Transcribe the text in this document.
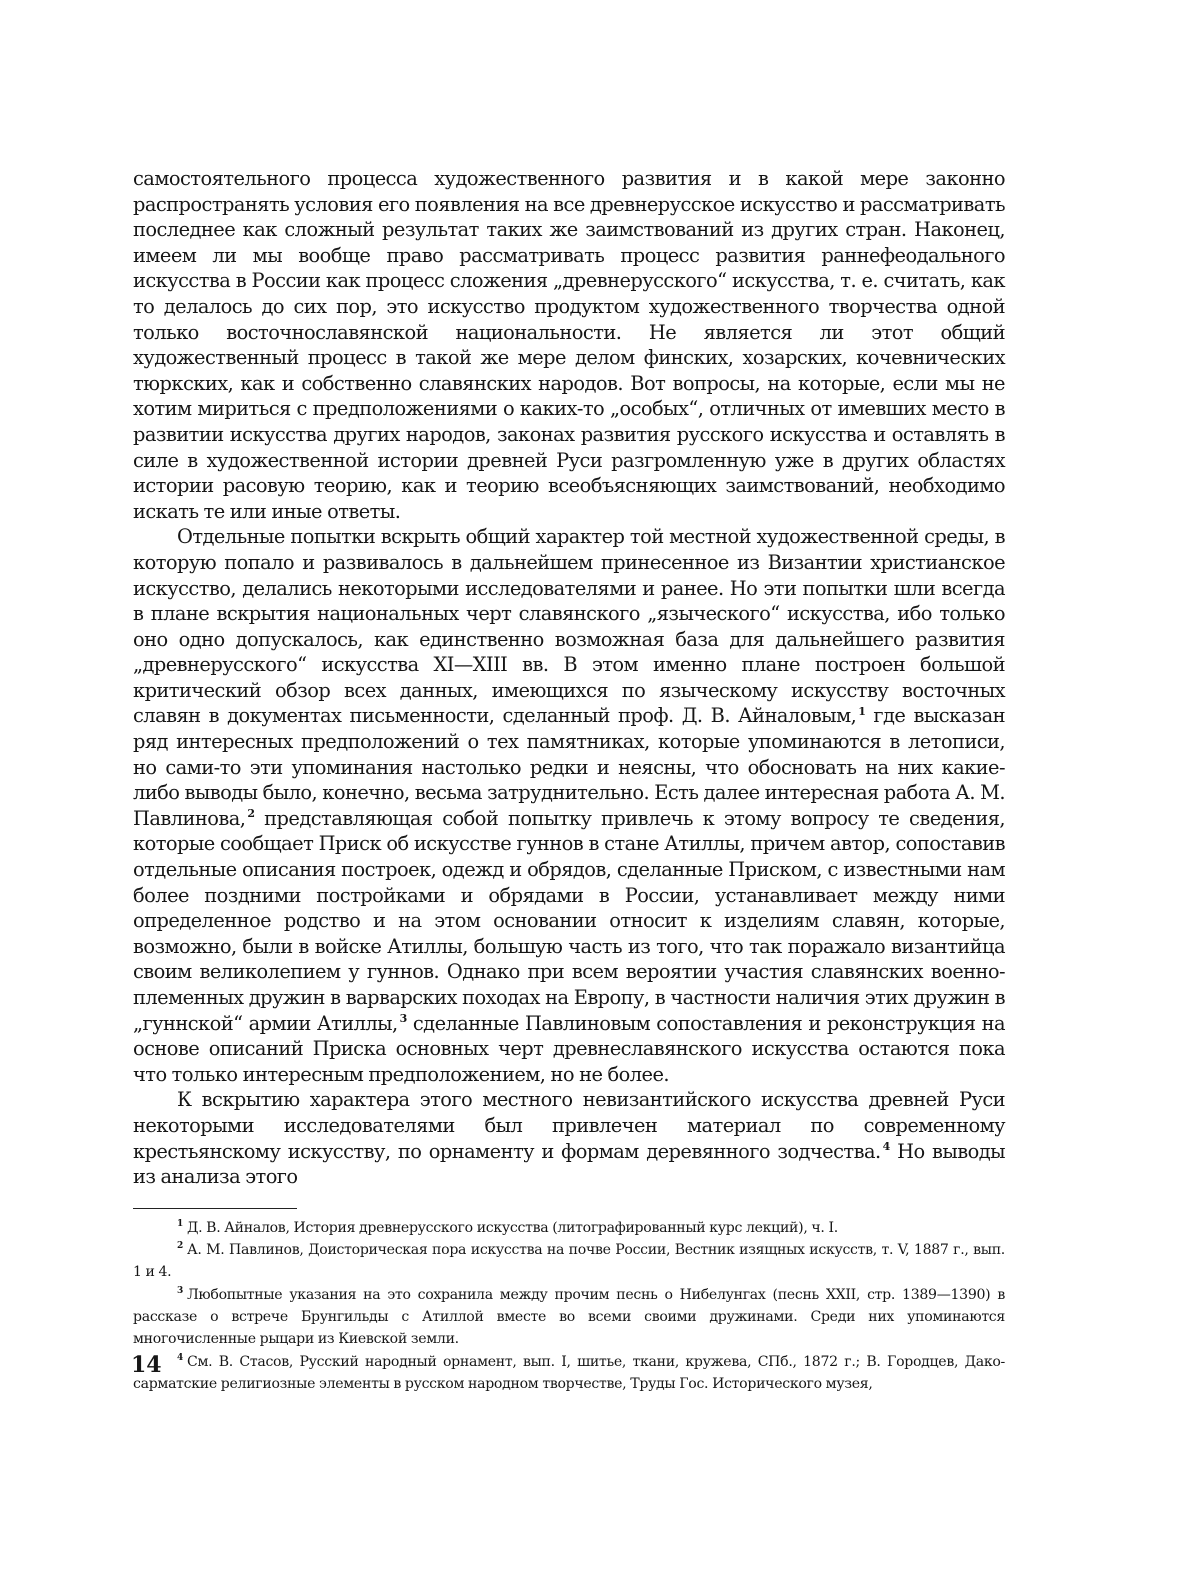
самостоятельного процесса художественного развития и в какой мере законно распространять условия его появления на все древнерусское искусство и рассматривать последнее как сложный результат таких же заимствований из других стран. Наконец, имеем ли мы вообще право рассматривать процесс развития раннефеодального искусства в России как процесс сложения „древнерусского“ искусства, т. е. считать, как то делалось до сих пор, это искусство продуктом художественного творчества одной только восточнославянской национальности. Не является ли этот общий художественный процесс в такой же мере делом финских, хозарских, кочевнических тюркских, как и собственно славянских народов. Вот вопросы, на которые, если мы не хотим мириться с предположениями о каких-то „особых“, отличных от имевших место в развитии искусства других народов, законах развития русского искусства и оставлять в силе в художественной истории древней Руси разгромленную уже в других областях истории расовую теорию, как и теорию всеобъясняющих заимствований, необходимо искать те или иные ответы.

Отдельные попытки вскрыть общий характер той местной художественной среды, в которую попало и развивалось в дальнейшем принесенное из Византии христианское искусство, делались некоторыми исследователями и ранее. Но эти попытки шли всегда в плане вскрытия национальных черт славянского „языческого“ искусства, ибо только оно одно допускалось, как единственно возможная база для дальнейшего развития „древнерусского“ искусства XI—XIII вв. В этом именно плане построен большой критический обзор всех данных, имеющихся по языческому искусству восточных славян в документах письменности, сделанный проф. Д. В. Айналовым, $^1$ где высказан ряд интересных предположений о тех памятниках, которые упоминаются в летописи, но сами-то эти упоминания настолько редки и неясны, что обосновать на них какие-либо выводы было, конечно, весьма затруднительно. Есть далее интересная работа А. М. Павлинова, $^2$ представляющая собой попытку привлечь к этому вопросу те сведения, которые сообщает Приск об искусстве гуннов в стане Атиллы, причем автор, сопоставив отдельные описания построек, одежд и обрядов, сделанные Приском, с известными нам более поздними постройками и обрядами в России, устанавливает между ними определенное родство и на этом основании относит к изделиям славян, которые, возможно, были в войске Атиллы, большую часть из того, что так поражало византийца своим великолепием у гуннов. Однако при всем вероятии участия славянских военно-племенных дружин в варварских походах на Европу, в частности наличия этих дружин в „гуннской“ армии Атиллы, $^3$ сделанные Павлиновым сопоставления и реконструкция на основе описаний Приска основных черт древнеславянского искусства остаются пока что только интересным предположением, но не более.

К вскрытию характера этого местного невизантийского искусства древней Руси некоторыми исследователями был привлечен материал по современному крестьянскому искусству, по орнаменту и формам деревянного зодчества. $^4$ Но выводы из анализа этого

$^1$ Д. В. Айналов, История древнерусского искусства (литографированный курс лекций), ч. I.

$^2$ А. М. Павлинов, Доисторическая пора искусства на почве России, Вестник изящных искусств, т. V, 1887 г., вып. 1 и 4.

$^3$ Любопытные указания на это сохранила между прочим песнь о Нибелунгах (песнь XXII, стр. 1389—1390) в рассказе о встрече Брунгильды с Атиллой вместе во всеми своими дружинами. Среди них упоминаются многочисленные рыцари из Киевской земли.

$^4$ См. В. Стасов, Русский народный орнамент, вып. I, шитье, ткани, кружева, СПб., 1872 г.; В. Городцев, Дако-сарматские религиозные элементы в русском народном творчестве, Труды Гос. Исторического музея,

14
